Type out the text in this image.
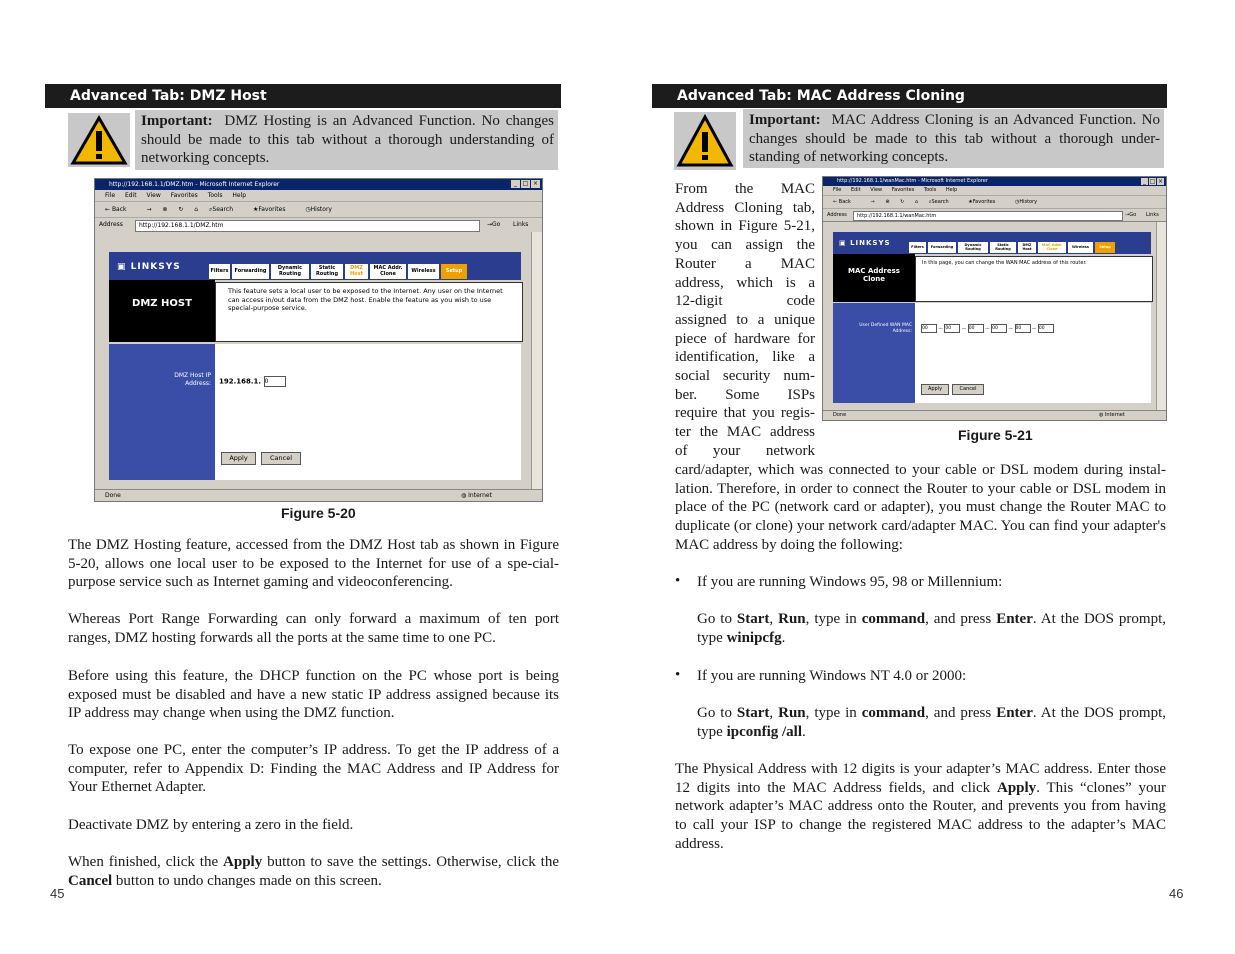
Advanced Tab: DMZ Host
Important: DMZ Hosting is an Advanced Function. No changes should be made to this tab without a thorough understanding of networking concepts.
http://192.168.1.1/DMZ.htm - Microsoft Internet Explorer	_ □ ×
File Edit View Favorites Tools Help
← Back	→ ⊗ ↻ ⌂ ⌕Search	★Favorites	◷History
Address	http://192.168.1.1/DMZ.htm	→Go Links
▣ LINKSYS	Filters	Forwarding	Dynamic Routing
Static Routing
DMZ Host
MAC Addr. Clone	Wireless	Setup
DMZ HOST
This feature sets a local user to be exposed to the Internet. Any user on the Internet can access in/out data from the DMZ host. Enable the feature as you wish to use special-purpose service.
DMZ Host IP Address: 192.168.1. 0
Apply	Cancel
Done	◍ Internet
Figure 5-20

The DMZ Hosting feature, accessed from the DMZ Host tab as shown in Figure 5-20, allows one local user to be exposed to the Internet for use of a spe-cial-purpose service such as Internet gaming and videoconferencing.

Whereas Port Range Forwarding can only forward a maximum of ten port ranges, DMZ hosting forwards all the ports at the same time to one PC.

Before using this feature, the DHCP function on the PC whose port is being exposed must be disabled and have a new static IP address assigned because its IP address may change when using the DMZ function.

To expose one PC, enter the computer’s IP address. To get the IP address of a computer, refer to Appendix D: Finding the MAC Address and IP Address for Your Ethernet Adapter.

Deactivate DMZ by entering a zero in the field.

When finished, click the Apply button to save the settings. Otherwise, click the Cancel button to undo changes made on this screen.

45
Advanced Tab: MAC Address Cloning
Important: MAC Address Cloning is an Advanced Function. No changes should be made to this tab without a thorough under-standing of networking concepts.
http://192.168.1.1/wanMac.htm - Microsoft Internet Explorer	_ □ ×
File Edit View Favorites Tools Help
← Back	→ ⊗ ↻ ⌂ ⌕Search	★Favorites	◷History
Address	http://192.168.1.1/wanMac.htm	→Go Links
▣ LINKSYS	Filters	Forwarding	Dynamic Routing
Static Routing
DMZ Host
MAC Addr. Clone	Wireless	Setup
MAC Address Clone
In this page, you can change the WAN MAC address of this router.
User Defined WAN MAC Address:
00 — 00 — 00 — 00 — 00 — 00
Apply	Cancel
Done	◍ Internet
Figure 5-21
From the MAC
Address Cloning tab,
shown in Figure 5-21,
you can assign the
Router a MAC
address, which is a
12-digit code
assigned to a unique
piece of hardware for
identification, like a
social security num-
ber. Some ISPs
require that you regis-
ter the MAC address
of your network

card/adapter, which was connected to your cable or DSL modem during instal-lation. Therefore, in order to connect the Router to your cable or DSL modem in place of the PC (network card or adapter), you must change the Router MAC to duplicate (or clone) your network card/adapter MAC. You can find your adapter's MAC address by doing the following:

• If you are running Windows 95, 98 or Millennium:

Go to Start, Run, type in command, and press Enter. At the DOS prompt, type winipcfg.

• If you are running Windows NT 4.0 or 2000:

Go to Start, Run, type in command, and press Enter. At the DOS prompt, type ipconfig /all.

The Physical Address with 12 digits is your adapter’s MAC address. Enter those 12 digits into the MAC Address fields, and click Apply. This “clones” your network adapter’s MAC address onto the Router, and prevents you from having to call your ISP to change the registered MAC address to the adapter’s MAC address.

46
